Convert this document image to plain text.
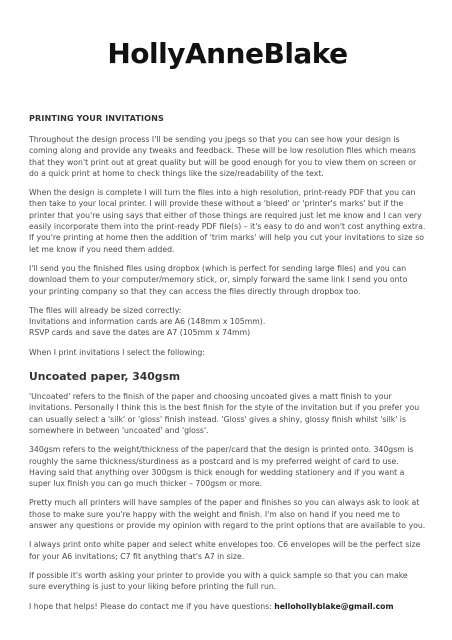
HollyAnneBlake
PRINTING YOUR INVITATIONS

Throughout the design process I'll be sending you jpegs so that you can see how your design is coming along and provide any tweaks and feedback. These will be low resolution files which means that they won't print out at great quality but will be good enough for you to view them on screen or do a quick print at home to check things like the size/readability of the text.

When the design is complete I will turn the files into a high resolution, print-ready PDF that you can then take to your local printer. I will provide these without a 'bleed' or 'printer's marks' but if the printer that you're using says that either of those things are required just let me know and I can very easily incorporate them into the print-ready PDF file(s) – it's easy to do and won't cost anything extra. If you're printing at home then the addition of 'trim marks' will help you cut your invitations to size so let me know if you need them added.

I'll send you the finished files using dropbox (which is perfect for sending large files) and you can download them to your computer/memory stick, or, simply forward the same link I send you onto your printing company so that they can access the files directly through dropbox too.

The files will already be sized correctly:

Invitations and information cards are A6 (148mm x 105mm).

RSVP cards and save the dates are A7 (105mm x 74mm)

When I print invitations I select the following:

Uncoated paper, 340gsm

'Uncoated' refers to the finish of the paper and choosing uncoated gives a matt finish to your invitations. Personally I think this is the best finish for the style of the invitation but if you prefer you can usually select a 'silk' or 'gloss' finish instead. 'Gloss' gives a shiny, glossy finish whilst 'silk' is somewhere in between 'uncoated' and 'gloss'.

340gsm refers to the weight/thickness of the paper/card that the design is printed onto. 340gsm is roughly the same thickness/sturdiness as a postcard and is my preferred weight of card to use. Having said that anything over 300gsm is thick enough for wedding stationery and if you want a super lux finish you can go much thicker – 700gsm or more.

Pretty much all printers will have samples of the paper and finishes so you can always ask to look at those to make sure you're happy with the weight and finish. I'm also on hand if you need me to answer any questions or provide my opinion with regard to the print options that are available to you.

I always print onto white paper and select white envelopes too. C6 envelopes will be the perfect size for your A6 invitations; C7 fit anything that's A7 in size.

If possible it's worth asking your printer to provide you with a quick sample so that you can make sure everything is just to your liking before printing the full run.

I hope that helps! Please do contact me if you have questions: helloholIyblake@gmail.com
